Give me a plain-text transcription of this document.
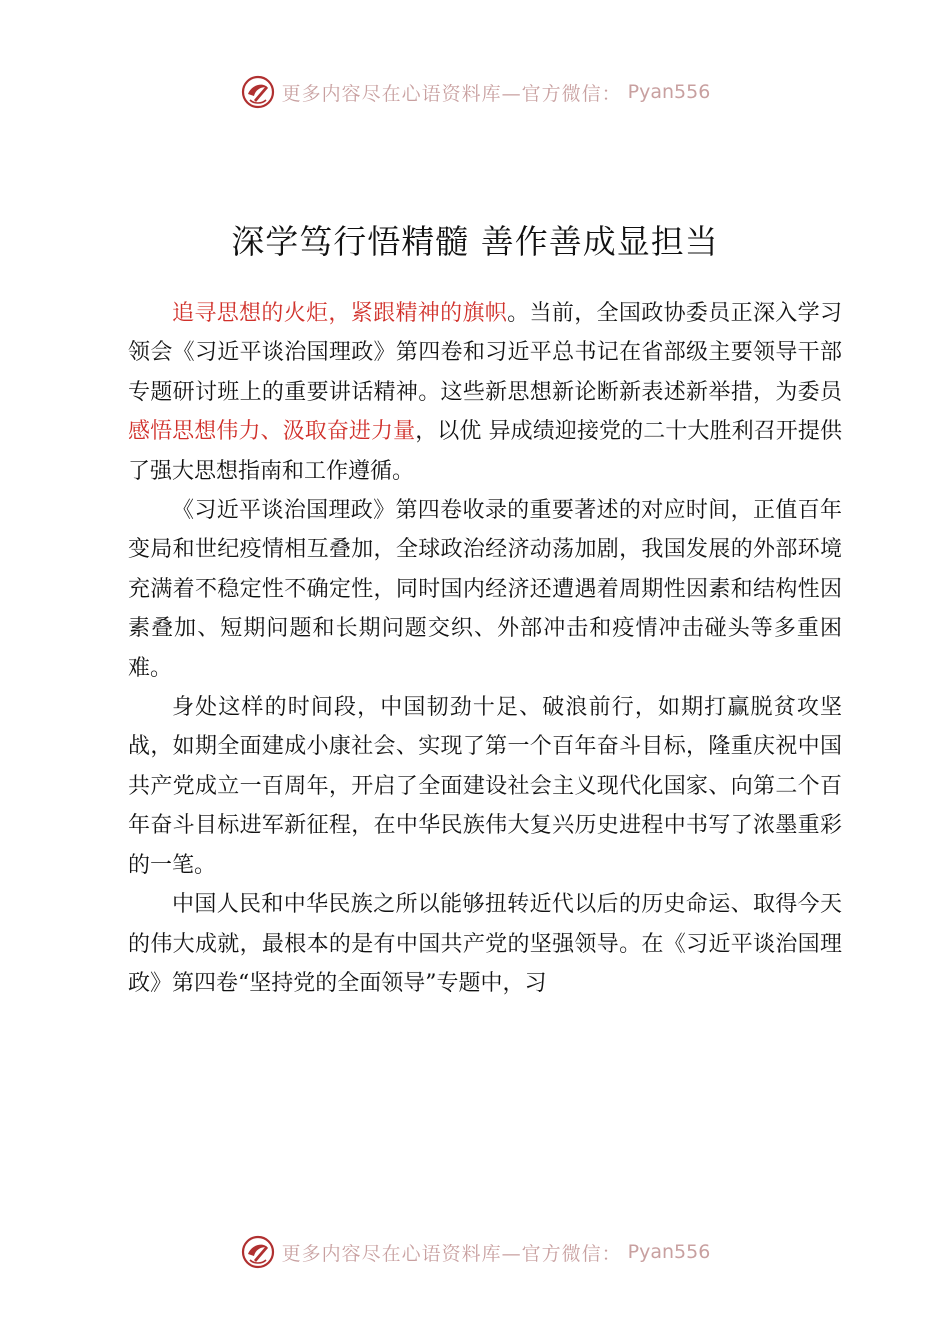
更多内容尽在心语资料库—官方微信： Pyan556
深学笃行悟精髓 善作善成显担当

追寻思想的火炬，紧跟精神的旗帜。当前，全国政协委员正深入学习领会《习近平谈治国理政》第四卷和习近平总书记在省部级主要领导干部专题研讨班上的重要讲话精神。这些新思想新论断新表述新举措，为委员感悟思想伟力、汲取奋进力量，以优 异成绩迎接党的二十大胜利召开提供了强大思想指南和工作遵循。

《习近平谈治国理政》第四卷收录的重要著述的对应时间，正值百年变局和世纪疫情相互叠加，全球政治经济动荡加剧，我国发展的外部环境充满着不稳定性不确定性，同时国内经济还遭遇着周期性因素和结构性因素叠加、短期问题和长期问题交织、外部冲击和疫情冲击碰头等多重困难。

身处这样的时间段，中国韧劲十足、破浪前行，如期打赢脱贫攻坚战，如期全面建成小康社会、实现了第一个百年奋斗目标，隆重庆祝中国共产党成立一百周年，开启了全面建设社会主义现代化国家、向第二个百年奋斗目标进军新征程，在中华民族伟大复兴历史进程中书写了浓墨重彩的一笔。

中国人民和中华民族之所以能够扭转近代以后的历史命运、取得今天的伟大成就，最根本的是有中国共产党的坚强领导。在《习近平谈治国理政》第四卷“坚持党的全面领导”专题中，习

更多内容尽在心语资料库—官方微信： Pyan556
